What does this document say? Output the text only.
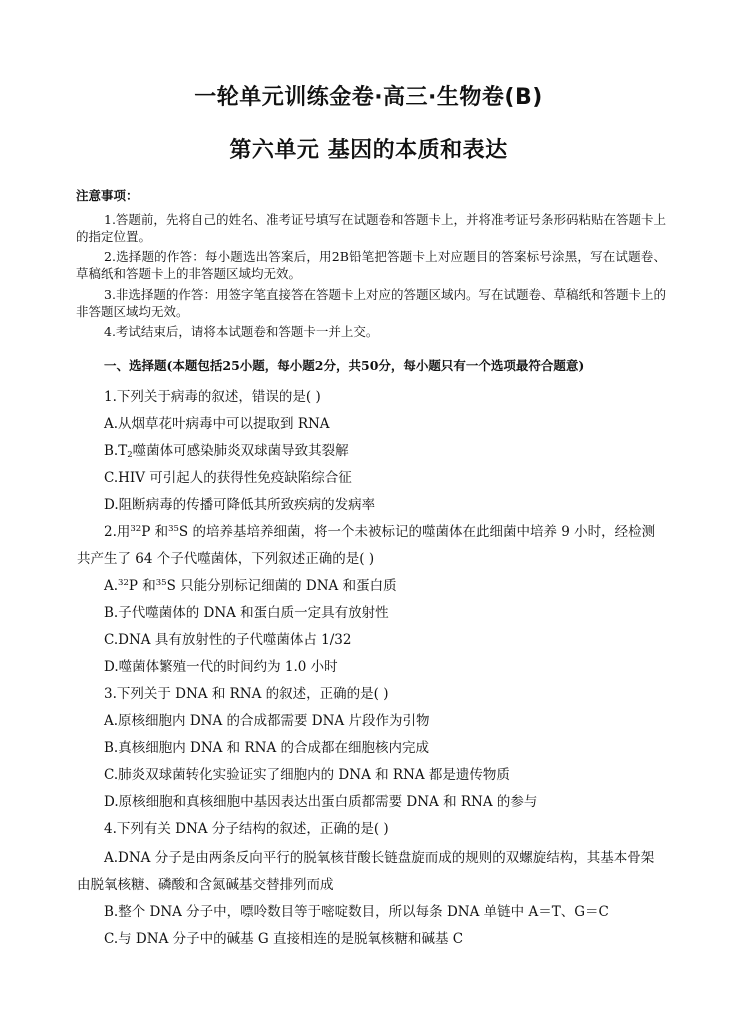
一轮单元训练金卷·高三·生物卷(B)
第六单元 基因的本质和表达
注意事项：

1.答题前，先将自己的姓名、准考证号填写在试题卷和答题卡上，并将准考证号条形码粘贴在答题卡上的指定位置。

2.选择题的作答：每小题选出答案后，用2B铅笔把答题卡上对应题目的答案标号涂黑，写在试题卷、草稿纸和答题卡上的非答题区域均无效。

3.非选择题的作答：用签字笔直接答在答题卡上对应的答题区域内。写在试题卷、草稿纸和答题卡上的非答题区域均无效。

4.考试结束后，请将本试题卷和答题卡一并上交。

一、选择题(本题包括25小题，每小题2分，共50分，每小题只有一个选项最符合题意)
1.下列关于病毒的叙述，错误的是( )
A.从烟草花叶病毒中可以提取到 RNA
$B.T_2$噬菌体可感染肺炎双球菌导致其裂解
C.HIV 可引起人的获得性免疫缺陷综合征
D.阻断病毒的传播可降低其所致疾病的发病率
2.用$^{32}$P 和$^{35}$S 的培养基培养细菌，将一个未被标记的噬菌体在此细菌中培养 9 小时，经检测
共产生了 64 个子代噬菌体，下列叙述正确的是( )
A.$^{32}$P 和$^{35}$S 只能分别标记细菌的 DNA 和蛋白质
B.子代噬菌体的 DNA 和蛋白质一定具有放射性
C.DNA 具有放射性的子代噬菌体占 1/32
D.噬菌体繁殖一代的时间约为 1.0 小时
3.下列关于 DNA 和 RNA 的叙述，正确的是( )
A.原核细胞内 DNA 的合成都需要 DNA 片段作为引物
B.真核细胞内 DNA 和 RNA 的合成都在细胞核内完成
C.肺炎双球菌转化实验证实了细胞内的 DNA 和 RNA 都是遗传物质
D.原核细胞和真核细胞中基因表达出蛋白质都需要 DNA 和 RNA 的参与
4.下列有关 DNA 分子结构的叙述，正确的是( )
A.DNA 分子是由两条反向平行的脱氧核苷酸长链盘旋而成的规则的双螺旋结构，其基本骨架
由脱氧核糖、磷酸和含氮碱基交替排列而成
B.整个 DNA 分子中，嘌呤数目等于嘧啶数目，所以每条 DNA 单链中 A＝T、G＝C
C.与 DNA 分子中的碱基 G 直接相连的是脱氧核糖和碱基 C
